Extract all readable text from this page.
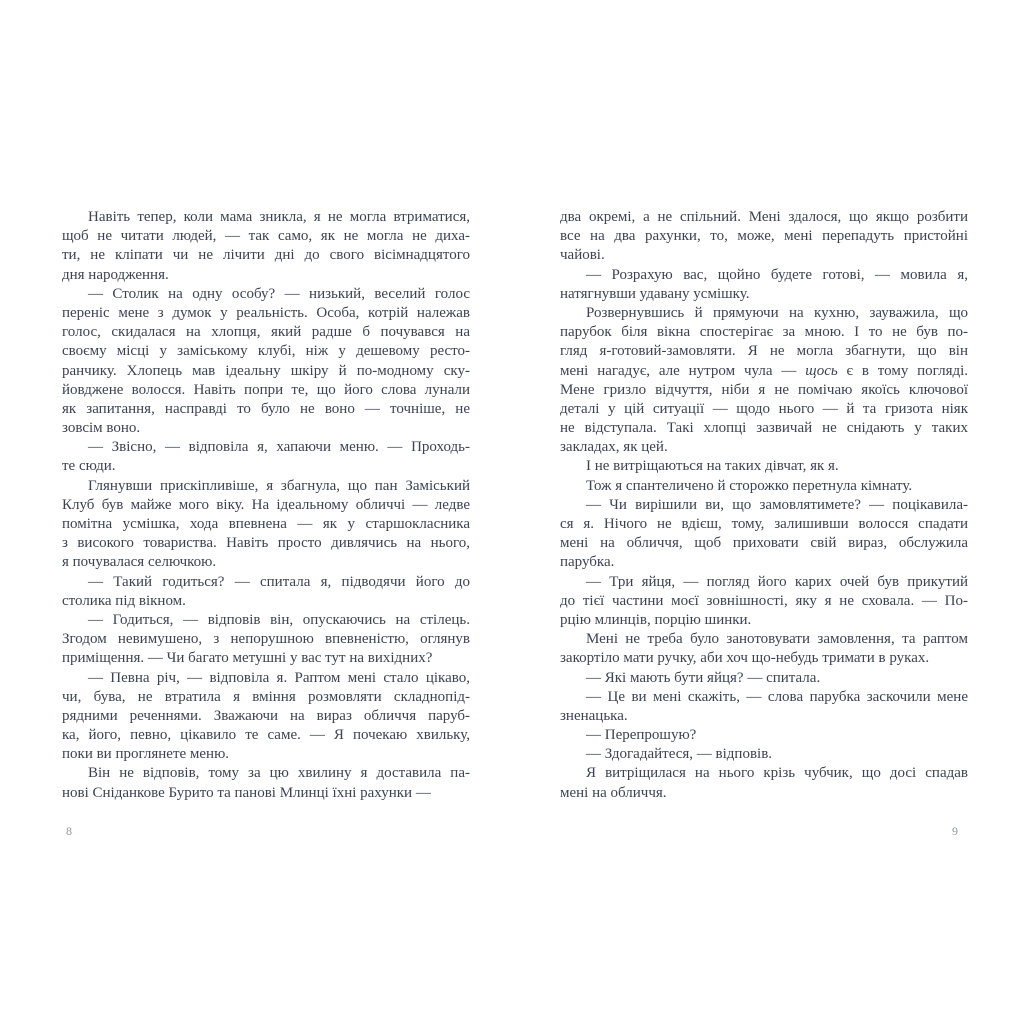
Навіть тепер, коли мама зникла, я не могла втриматися,
щоб не читати людей, — так само, як не могла не диха-
ти, не кліпати чи не лічити дні до свого вісімнадцятого
дня народження.
— Столик на одну особу? — низький, веселий голос
переніс мене з думок у реальність. Особа, котрій належав
голос, скидалася на хлопця, який радше б почувався на
своєму місці у заміському клубі, ніж у дешевому ресто-
ранчику. Хлопець мав ідеальну шкіру й по-модному ску-
йовджене волосся. Навіть попри те, що його слова лунали
як запитання, насправді то було не воно — точніше, не
зовсім воно.
— Звісно, — відповіла я, хапаючи меню. — Проходь-
те сюди.
Глянувши прискіпливіше, я збагнула, що пан Заміський
Клуб був майже мого віку. На ідеальному обличчі — ледве
помітна усмішка, хода впевнена — як у старшокласника
з високого товариства. Навіть просто дивлячись на нього,
я почувалася селючкою.
— Такий годиться? — спитала я, підводячи його до
столика під вікном.
— Годиться, — відповів він, опускаючись на стілець.
Згодом невимушено, з непорушною впевненістю, оглянув
приміщення. — Чи багато метушні у вас тут на вихідних?
— Певна річ, — відповіла я. Раптом мені стало цікаво,
чи, бува, не втратила я вміння розмовляти складнопід-
рядними реченнями. Зважаючи на вираз обличчя паруб-
ка, його, певно, цікавило те саме. — Я почекаю хвильку,
поки ви проглянете меню.
Він не відповів, тому за цю хвилину я доставила па-
нові Сніданкове Бурито та панові Млинці їхні рахунки —
два окремі, а не спільний. Мені здалося, що якщо розбити
все на два рахунки, то, може, мені перепадуть пристойні
чайові.
— Розрахую вас, щойно будете готові, — мовила я,
натягнувши удавану усмішку.
Розвернувшись й прямуючи на кухню, зауважила, що
парубок біля вікна спостерігає за мною. І то не був по-
гляд я-готовий-замовляти. Я не могла збагнути, що він
мені нагадує, але нутром чула — щось є в тому погляді.
Мене гризло відчуття, ніби я не помічаю якоїсь ключової
деталі у цій ситуації — щодо нього — й та гризота ніяк
не відступала. Такі хлопці зазвичай не снідають у таких
закладах, як цей.
І не витріщаються на таких дівчат, як я.
Тож я спантеличено й сторожко перетнула кімнату.
— Чи вирішили ви, що замовлятимете? — поцікавила-
ся я. Нічого не вдієш, тому, залишивши волосся спадати
мені на обличчя, щоб приховати свій вираз, обслужила
парубка.
— Три яйця, — погляд його карих очей був прикутий
до тієї частини моєї зовнішності, яку я не сховала. — По-
рцію млинців, порцію шинки.
Мені не треба було занотовувати замовлення, та раптом
закортіло мати ручку, аби хоч що-небудь тримати в руках.
— Які мають бути яйця? — спитала.
— Це ви мені скажіть, — слова парубка заскочили мене
зненацька.
— Перепрошую?
— Здогадайтеся, — відповів.
Я витріщилася на нього крізь чубчик, що досі спадав
мені на обличчя.
8	9
